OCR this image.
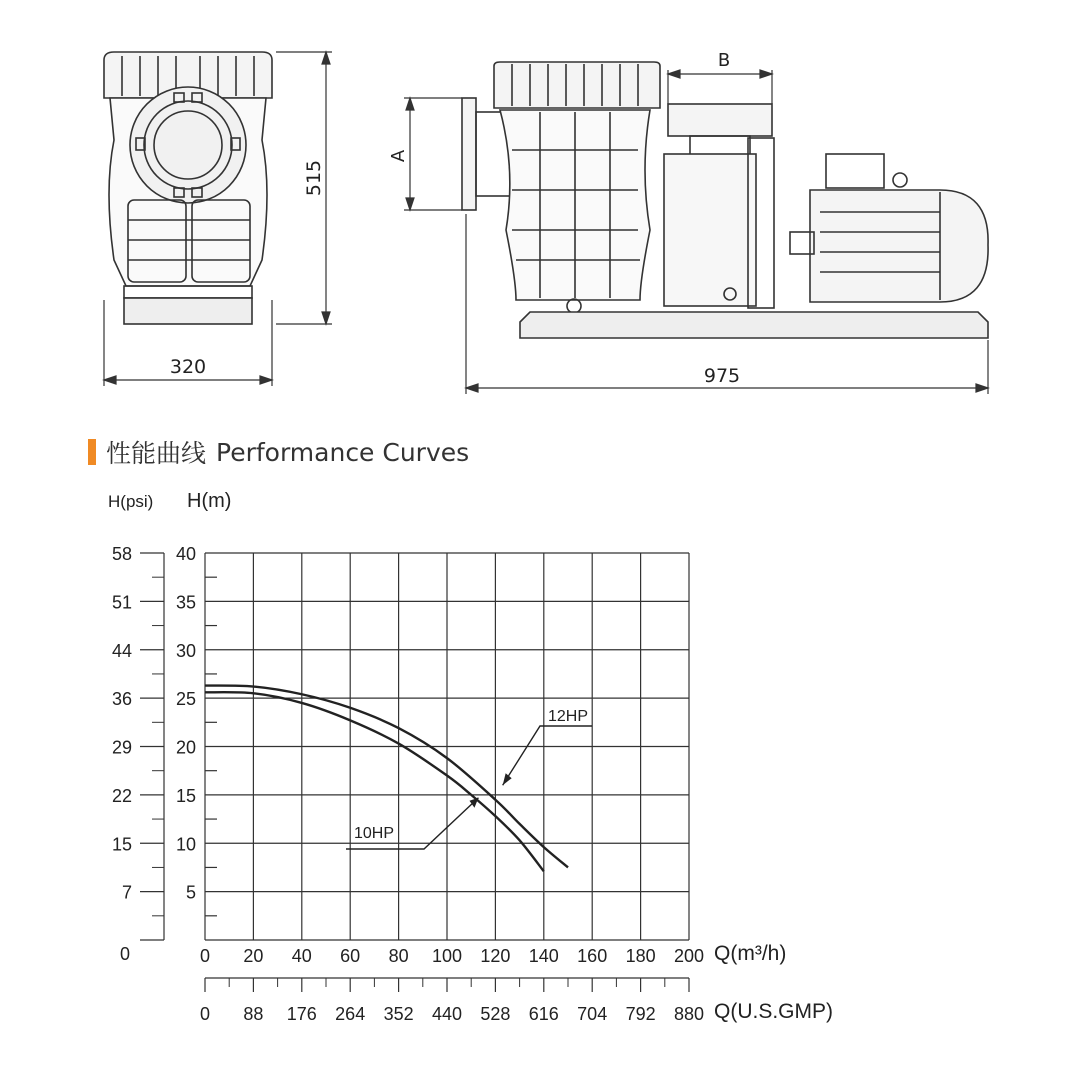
515
320
A
B
975
性能曲线 Performance Curves
H(psi) H(m)
5
10
15
20
25
30
35
40
0
7
15
22
29
36
44
51
58
0 20 40 60 80 100 120 140 160 180 200 Q(m³/h)
0 88 176 264 352 440 528 616 704 792 880 Q(U.S.GMP)
12HP
10HP
